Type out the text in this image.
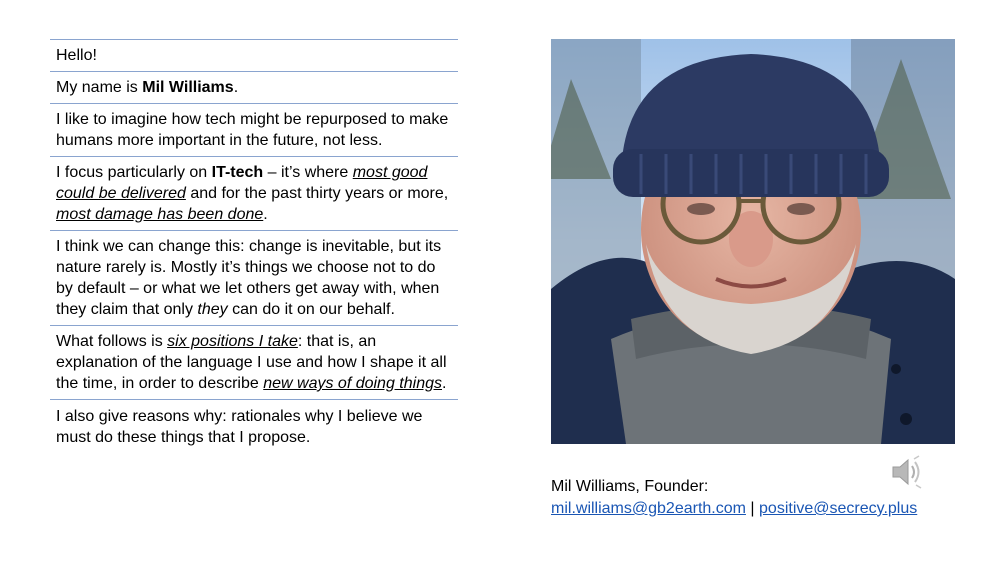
Hello!
My name is Mil Williams.
I like to imagine how tech might be repurposed to make humans more important in the future, not less.
I focus particularly on IT-tech – it’s where most good could be delivered and for the past thirty years or more, most damage has been done.
I think we can change this: change is inevitable, but its nature rarely is. Mostly it’s things we choose not to do by default – or what we let others get away with, when they claim that only they can do it on our behalf.
What follows is six positions I take: that is, an explanation of the language I use and how I shape it all the time, in order to describe new ways of doing things.
I also give reasons why: rationales why I believe we must do these things that I propose.
Mil Williams, Founder:
mil.williams@gb2earth.com | positive@secrecy.plus
